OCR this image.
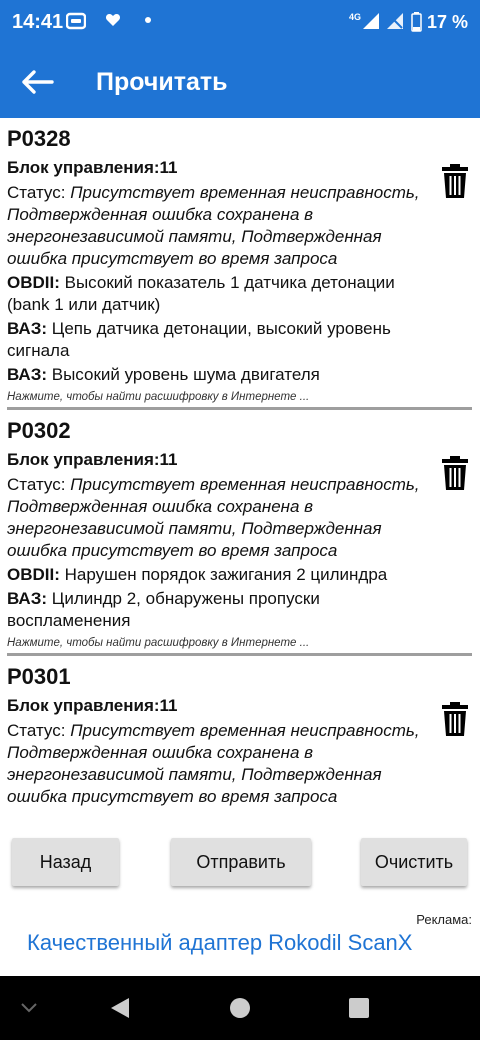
14:41	4G	17 %
Прочитать
P0328
Блок управления:11
Статус: Присутствует временная неисправность, Подтвержденная ошибка сохранена в энергонезависимой памяти, Подтвержденная ошибка присутствует во время запроса
OBDII: Высокий показатель 1 датчика детонации (bank 1 или датчик)
ВАЗ: Цепь датчика детонации, высокий уровень сигнала
ВАЗ: Высокий уровень шума двигателя
Нажмите, чтобы найти расшифровку в Интернете ...
P0302
Блок управления:11
Статус: Присутствует временная неисправность, Подтвержденная ошибка сохранена в энергонезависимой памяти, Подтвержденная ошибка присутствует во время запроса
OBDII: Нарушен порядок зажигания 2 цилиндра
ВАЗ: Цилиндр 2, обнаружены пропуски воспламенения
Нажмите, чтобы найти расшифровку в Интернете ...
P0301
Блок управления:11
Статус: Присутствует временная неисправность, Подтвержденная ошибка сохранена в энергонезависимой памяти, Подтвержденная ошибка присутствует во время запроса
Назад	Отправить	Очистить
Реклама:
Качественный адаптер Rokodil ScanX
